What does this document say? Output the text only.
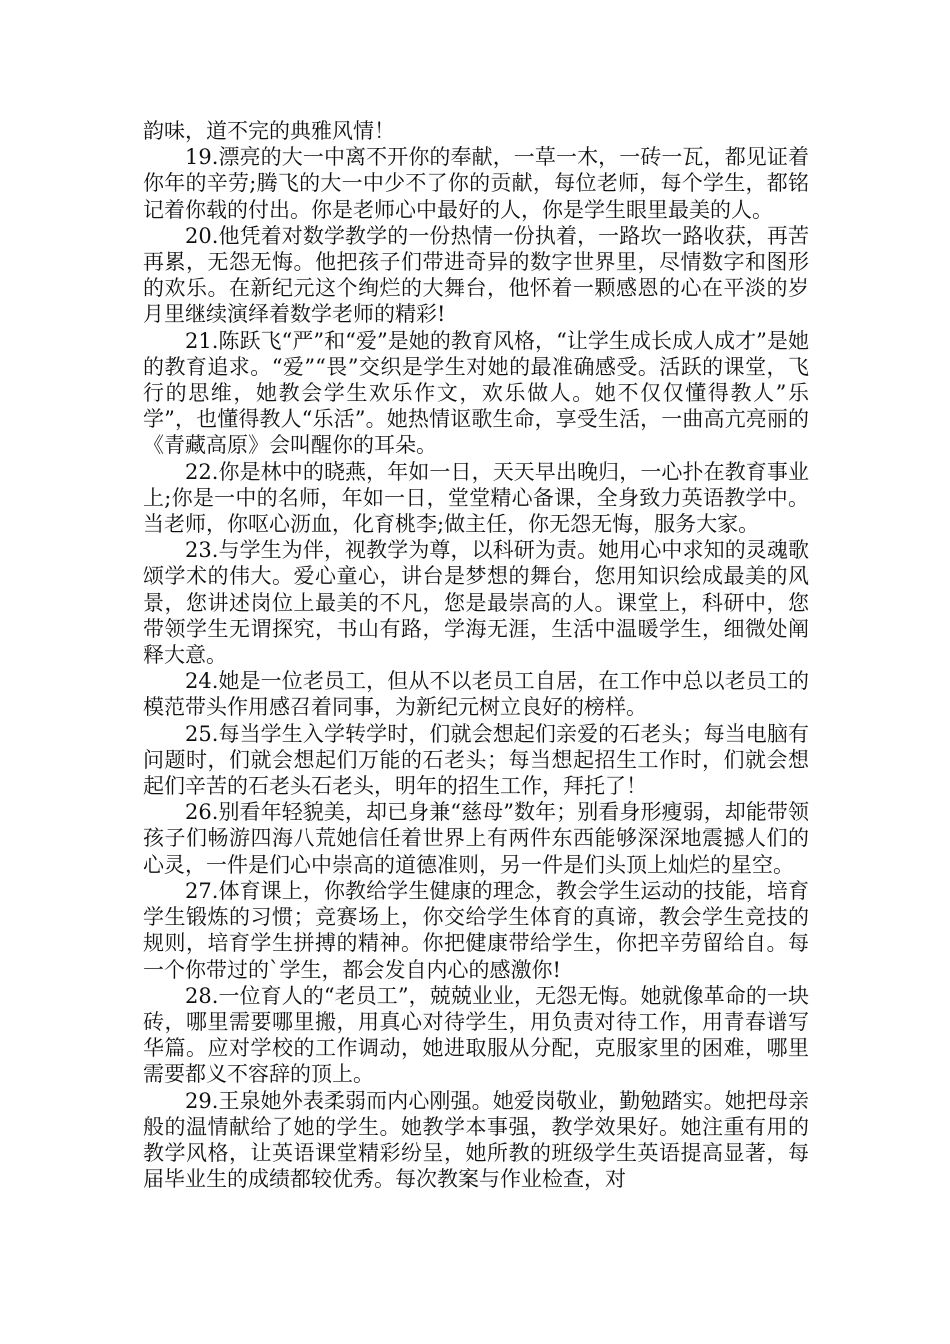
韵味，道不完的典雅风情！

19.漂亮的大一中离不开你的奉献，一草一木，一砖一瓦，都见证着你年的辛劳;腾飞的大一中少不了你的贡献，每位老师，每个学生，都铭记着你载的付出。你是老师心中最好的人，你是学生眼里最美的人。

20.他凭着对数学教学的一份热情一份执着，一路坎一路收获，再苦再累，无怨无悔。他把孩子们带进奇异的数字世界里，尽情数字和图形的欢乐。在新纪元这个绚烂的大舞台，他怀着一颗感恩的心在平淡的岁月里继续演绎着数学老师的精彩!

21.陈跃飞“严”和“爱”是她的教育风格，“让学生成长成人成才”是她的教育追求。“爱”“畏”交织是学生对她的最准确感受。活跃的课堂，飞行的思维，她教会学生欢乐作文，欢乐做人。她不仅仅懂得教人”乐学”，也懂得教人“乐活”。她热情讴歌生命，享受生活，一曲高亢亮丽的《青藏高原》会叫醒你的耳朵。

22.你是林中的晓燕，年如一日，天天早出晚归，一心扑在教育事业上;你是一中的名师，年如一日，堂堂精心备课，全身致力英语教学中。当老师，你呕心沥血，化育桃李;做主任，你无怨无悔，服务大家。

23.与学生为伴，视教学为尊，以科研为责。她用心中求知的灵魂歌颂学术的伟大。爱心童心，讲台是梦想的舞台，您用知识绘成最美的风景，您讲述岗位上最美的不凡，您是最崇高的人。课堂上，科研中，您带领学生无谓探究，书山有路，学海无涯，生活中温暖学生，细微处阐释大意。

24.她是一位老员工，但从不以老员工自居，在工作中总以老员工的模范带头作用感召着同事，为新纪元树立良好的榜样。

25.每当学生入学转学时，们就会想起们亲爱的石老头；每当电脑有问题时，们就会想起们万能的石老头；每当想起招生工作时，们就会想起们辛苦的石老头石老头，明年的招生工作，拜托了！

26.别看年轻貌美，却已身兼“慈母”数年；别看身形瘦弱，却能带领孩子们畅游四海八荒她信任着世界上有两件东西能够深深地震撼人们的心灵，一件是们心中崇高的道德准则，另一件是们头顶上灿烂的星空。

27.体育课上，你教给学生健康的理念，教会学生运动的技能，培育学生锻炼的习惯；竞赛场上，你交给学生体育的真谛，教会学生竞技的规则，培育学生拼搏的精神。你把健康带给学生，你把辛劳留给自。每一个你带过的`学生，都会发自内心的感激你!

28.一位育人的“老员工”，兢兢业业，无怨无悔。她就像革命的一块砖，哪里需要哪里搬，用真心对待学生，用负责对待工作，用青春谱写华篇。应对学校的工作调动，她进取服从分配，克服家里的困难，哪里需要都义不容辞的顶上。

29.王泉她外表柔弱而内心刚强。她爱岗敬业，勤勉踏实。她把母亲般的温情献给了她的学生。她教学本事强，教学效果好。她注重有用的教学风格，让英语课堂精彩纷呈，她所教的班级学生英语提高显著，每届毕业生的成绩都较优秀。每次教案与作业检查，对
